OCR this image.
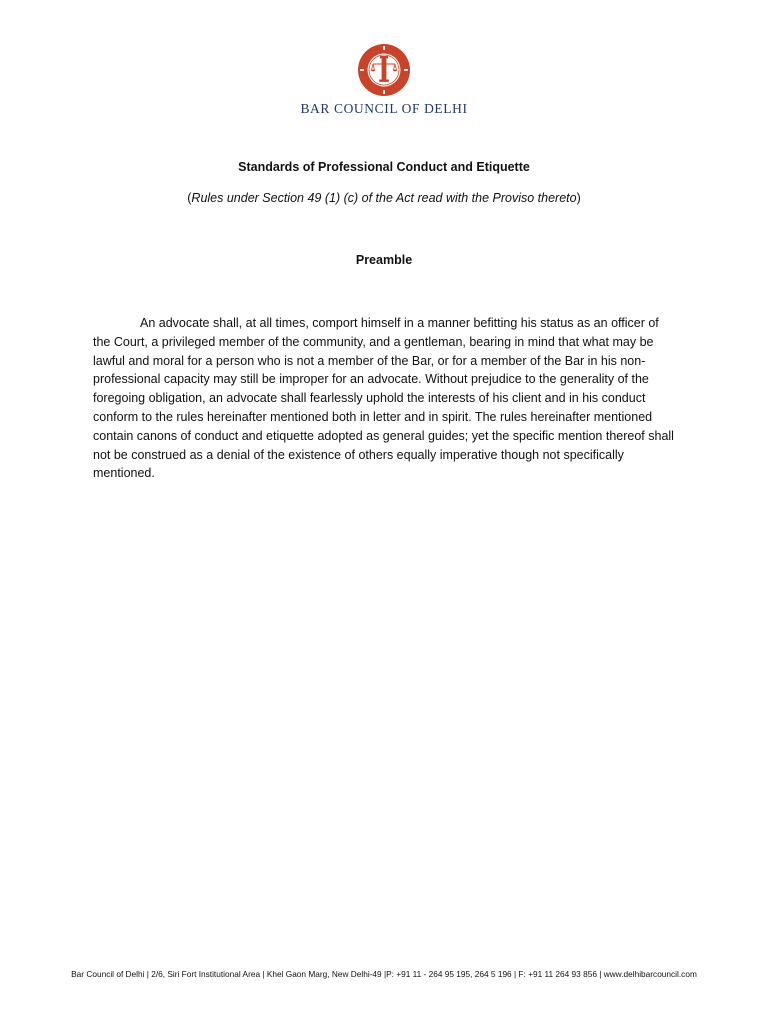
BAR COUNCIL OF DELHI
Standards of Professional Conduct and Etiquette
(Rules under Section 49 (1) (c) of the Act read with the Proviso thereto)
Preamble

An advocate shall, at all times, comport himself in a manner befitting his status as an officer of the Court, a privileged member of the community, and a gentleman, bearing in mind that what may be lawful and moral for a person who is not a member of the Bar, or for a member of the Bar in his non-professional capacity may still be improper for an advocate. Without prejudice to the generality of the foregoing obligation, an advocate shall fearlessly uphold the interests of his client and in his conduct conform to the rules hereinafter mentioned both in letter and in spirit. The rules hereinafter mentioned contain canons of conduct and etiquette adopted as general guides; yet the specific mention thereof shall not be construed as a denial of the existence of others equally imperative though not specifically mentioned.

Bar Council of Delhi | 2/6, Siri Fort Institutional Area | Khel Gaon Marg, New Delhi-49 |P: +91 11 - 264 95 195, 264 5 196 | F: +91 11 264 93 856 | www.delhibarcouncil.com
